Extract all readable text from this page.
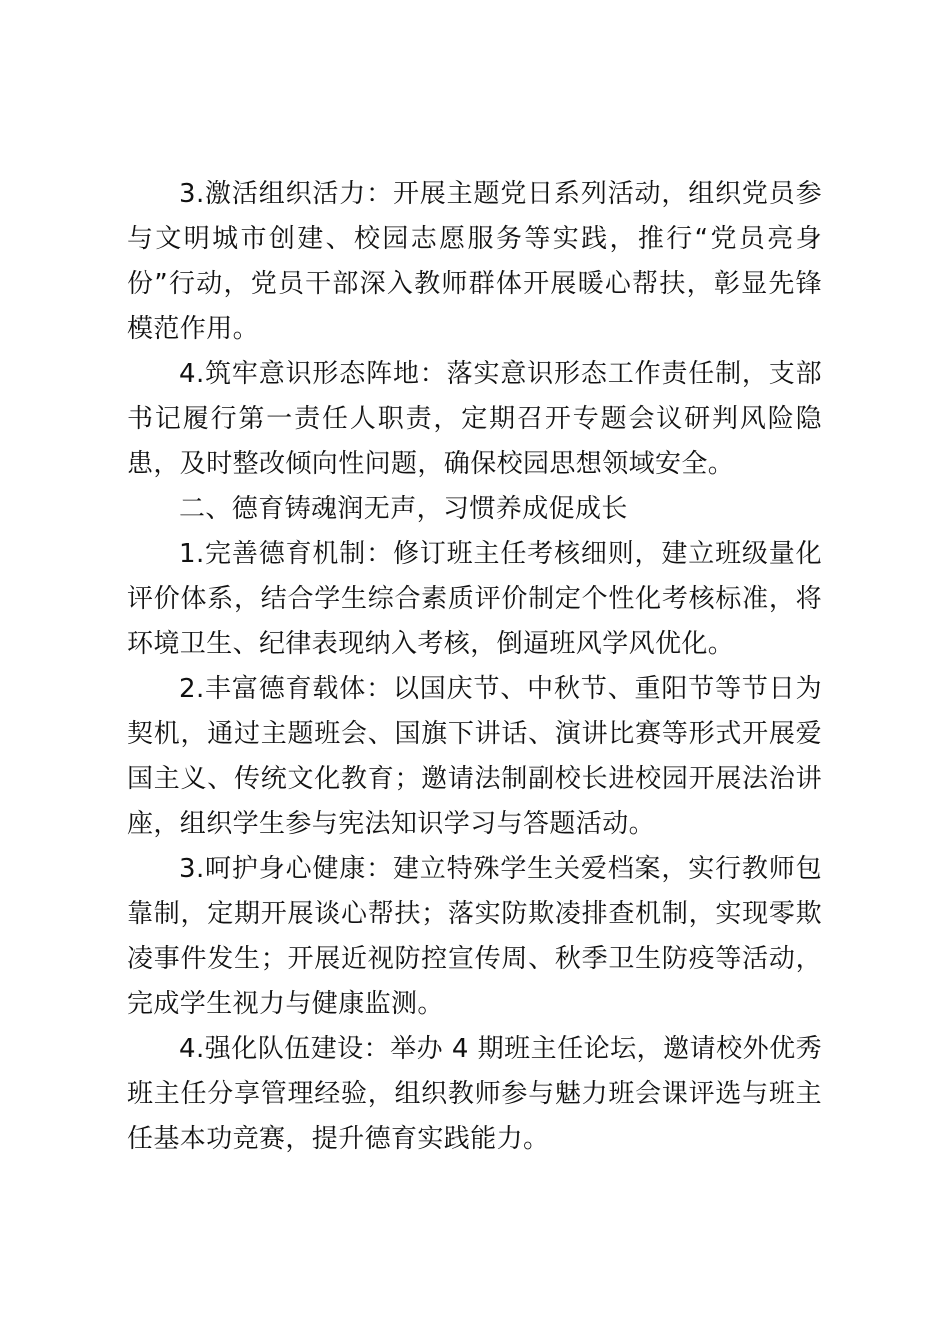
3.激活组织活力：开展主题党日系列活动，组织党员参与文明城市创建、校园志愿服务等实践，推行“党员亮身份”行动，党员干部深入教师群体开展暖心帮扶，彰显先锋模范作用。

4.筑牢意识形态阵地：落实意识形态工作责任制，支部书记履行第一责任人职责，定期召开专题会议研判风险隐患，及时整改倾向性问题，确保校园思想领域安全。

二、德育铸魂润无声，习惯养成促成长

1.完善德育机制：修订班主任考核细则，建立班级量化评价体系，结合学生综合素质评价制定个性化考核标准，将环境卫生、纪律表现纳入考核，倒逼班风学风优化。

2.丰富德育载体：以国庆节、中秋节、重阳节等节日为契机，通过主题班会、国旗下讲话、演讲比赛等形式开展爱国主义、传统文化教育；邀请法制副校长进校园开展法治讲座，组织学生参与宪法知识学习与答题活动。

3.呵护身心健康：建立特殊学生关爱档案，实行教师包靠制，定期开展谈心帮扶；落实防欺凌排查机制，实现零欺凌事件发生；开展近视防控宣传周、秋季卫生防疫等活动，完成学生视力与健康监测。

4.强化队伍建设：举办 4 期班主任论坛，邀请校外优秀班主任分享管理经验，组织教师参与魅力班会课评选与班主任基本功竞赛，提升德育实践能力。
